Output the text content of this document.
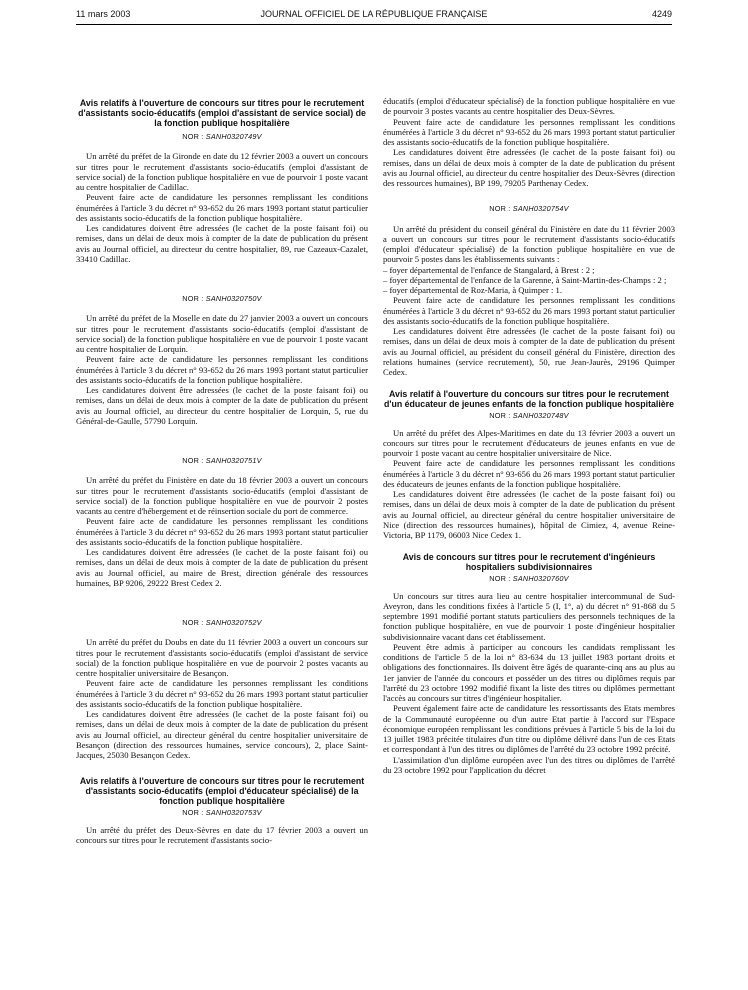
11 mars 2003	JOURNAL OFFICIEL DE LA RÉPUBLIQUE FRANÇAISE	4249
Avis relatifs à l'ouverture de concours sur titres pour le recrutement d'assistants socio-éducatifs (emploi d'assistant de service social) de la fonction publique hospitalière
NOR : SANH0320749V

Un arrêté du préfet de la Gironde en date du 12 février 2003 a ouvert un concours sur titres pour le recrutement d'assistants socio-éducatifs (emploi d'assistant de service social) de la fonction publique hospitalière en vue de pourvoir 1 poste vacant au centre hospitalier de Cadillac.

Peuvent faire acte de candidature les personnes remplissant les conditions énumérées à l'article 3 du décret n° 93-652 du 26 mars 1993 portant statut particulier des assistants socio-éducatifs de la fonction publique hospitalière.

Les candidatures doivent être adressées (le cachet de la poste faisant foi) ou remises, dans un délai de deux mois à compter de la date de publication du présent avis au Journal officiel, au directeur du centre hospitalier, 89, rue Cazeaux-Cazalet, 33410 Cadillac.

NOR : SANH0320750V

Un arrêté du préfet de la Moselle en date du 27 janvier 2003 a ouvert un concours sur titres pour le recrutement d'assistants socio-éducatifs (emploi d'assistant de service social) de la fonction publique hospitalière en vue de pourvoir 1 poste vacant au centre hospitalier de Lorquin.

Peuvent faire acte de candidature les personnes remplissant les conditions énumérées à l'article 3 du décret n° 93-652 du 26 mars 1993 portant statut particulier des assistants socio-éducatifs de la fonction publique hospitalière.

Les candidatures doivent être adressées (le cachet de la poste faisant foi) ou remises, dans un délai de deux mois à compter de la date de publication du présent avis au Journal officiel, au directeur du centre hospitalier de Lorquin, 5, rue du Général-de-Gaulle, 57790 Lorquin.

NOR : SANH0320751V

Un arrêté du préfet du Finistère en date du 18 février 2003 a ouvert un concours sur titres pour le recrutement d'assistants socio-éducatifs (emploi d'assistant de service social) de la fonction publique hospitalière en vue de pourvoir 2 postes vacants au centre d'hébergement et de réinsertion sociale du port de commerce.

Peuvent faire acte de candidature les personnes remplissant les conditions énumérées à l'article 3 du décret n° 93-652 du 26 mars 1993 portant statut particulier des assistants socio-éducatifs de la fonction publique hospitalière.

Les candidatures doivent être adressées (le cachet de la poste faisant foi) ou remises, dans un délai de deux mois à compter de la date de publication du présent avis au Journal officiel, au maire de Brest, direction générale des ressources humaines, BP 9206, 29222 Brest Cedex 2.

NOR : SANH0320752V

Un arrêté du préfet du Doubs en date du 11 février 2003 a ouvert un concours sur titres pour le recrutement d'assistants socio-éducatifs (emploi d'assistant de service social) de la fonction publique hospitalière en vue de pourvoir 2 postes vacants au centre hospitalier universitaire de Besançon.

Peuvent faire acte de candidature les personnes remplissant les conditions énumérées à l'article 3 du décret n° 93-652 du 26 mars 1993 portant statut particulier des assistants socio-éducatifs de la fonction publique hospitalière.

Les candidatures doivent être adressées (le cachet de la poste faisant foi) ou remises, dans un délai de deux mois à compter de la date de publication du présent avis au Journal officiel, au directeur général du centre hospitalier universitaire de Besançon (direction des ressources humaines, service concours), 2, place Saint-Jacques, 25030 Besançon Cedex.

Avis relatifs à l'ouverture de concours sur titres pour le recrutement d'assistants socio-éducatifs (emploi d'éducateur spécialisé) de la fonction publique hospitalière
NOR : SANH0320753V

Un arrêté du préfet des Deux-Sèvres en date du 17 février 2003 a ouvert un concours sur titres pour le recrutement d'assistants socio-

éducatifs (emploi d'éducateur spécialisé) de la fonction publique hospitalière en vue de pourvoir 3 postes vacants au centre hospitalier des Deux-Sèvres.

Peuvent faire acte de candidature les personnes remplissant les conditions énumérées à l'article 3 du décret n° 93-652 du 26 mars 1993 portant statut particulier des assistants socio-éducatifs de la fonction publique hospitalière.

Les candidatures doivent être adressées (le cachet de la poste faisant foi) ou remises, dans un délai de deux mois à compter de la date de publication du présent avis au Journal officiel, au directeur du centre hospitalier des Deux-Sèvres (direction des ressources humaines), BP 199, 79205 Parthenay Cedex.

NOR : SANH0320754V

Un arrêté du président du conseil général du Finistère en date du 11 février 2003 a ouvert un concours sur titres pour le recrutement d'assistants socio-éducatifs (emploi d'éducateur spécialisé) de la fonction publique hospitalière en vue de pourvoir 5 postes dans les établissements suivants :

– foyer départemental de l'enfance de Stangalard, à Brest : 2 ;

– foyer départemental de l'enfance de la Garenne, à Saint-Martin-des-Champs : 2 ;

– foyer départemental de Roz-Maria, à Quimper : 1.

Peuvent faire acte de candidature les personnes remplissant les conditions énumérées à l'article 3 du décret n° 93-652 du 26 mars 1993 portant statut particulier des assistants socio-éducatifs de la fonction publique hospitalière.

Les candidatures doivent être adressées (le cachet de la poste faisant foi) ou remises, dans un délai de deux mois à compter de la date de publication du présent avis au Journal officiel, au président du conseil général du Finistère, direction des relations humaines (service recrutement), 50, rue Jean-Jaurès, 29196 Quimper Cedex.

Avis relatif à l'ouverture du concours sur titres pour le recrutement d'un éducateur de jeunes enfants de la fonction publique hospitalière
NOR : SANH0320748V

Un arrêté du préfet des Alpes-Maritimes en date du 13 février 2003 a ouvert un concours sur titres pour le recrutement d'éducateurs de jeunes enfants en vue de pourvoir 1 poste vacant au centre hospitalier universitaire de Nice.

Peuvent faire acte de candidature les personnes remplissant les conditions énumérées à l'article 3 du décret n° 93-656 du 26 mars 1993 portant statut particulier des éducateurs de jeunes enfants de la fonction publique hospitalière.

Les candidatures doivent être adressées (le cachet de la poste faisant foi) ou remises, dans un délai de deux mois à compter de la date de publication du présent avis au Journal officiel, au directeur général du centre hospitalier universitaire de Nice (direction des ressources humaines), hôpital de Cimiez, 4, avenue Reine-Victoria, BP 1179, 06003 Nice Cedex 1.

Avis de concours sur titres pour le recrutement d'ingénieurs hospitaliers subdivisionnaires
NOR : SANH0320760V

Un concours sur titres aura lieu au centre hospitalier intercommunal de Sud-Aveyron, dans les conditions fixées à l'article 5 (I, 1°, a) du décret n° 91-868 du 5 septembre 1991 modifié portant statuts particuliers des personnels techniques de la fonction publique hospitalière, en vue de pourvoir 1 poste d'ingénieur hospitalier subdivisionnaire vacant dans cet établissement.

Peuvent être admis à participer au concours les candidats remplissant les conditions de l'article 5 de la loi n° 83-634 du 13 juillet 1983 portant droits et obligations des fonctionnaires. Ils doivent être âgés de quarante-cinq ans au plus au 1er janvier de l'année du concours et posséder un des titres ou diplômes requis par l'arrêté du 23 octobre 1992 modifié fixant la liste des titres ou diplômes permettant l'accès au concours sur titres d'ingénieur hospitalier.

Peuvent également faire acte de candidature les ressortissants des Etats membres de la Communauté européenne ou d'un autre Etat partie à l'accord sur l'Espace économique européen remplissant les conditions prévues à l'article 5 bis de la loi du 13 juillet 1983 précitée titulaires d'un titre ou diplôme délivré dans l'un de ces Etats et correspondant à l'un des titres ou diplômes de l'arrêté du 23 octobre 1992 précité.

L'assimilation d'un diplôme européen avec l'un des titres ou diplômes de l'arrêté du 23 octobre 1992 pour l'application du décret
